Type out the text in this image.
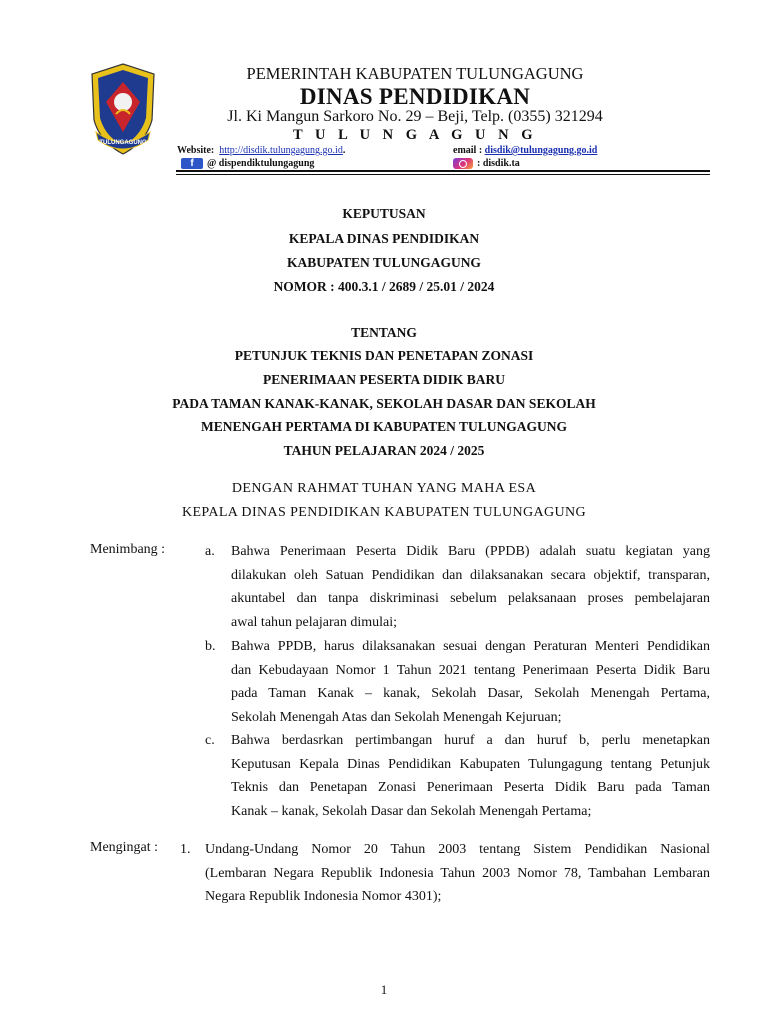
TULUNGAGUNG
PEMERINTAH KABUPATEN TULUNGAGUNG
DINAS PENDIDIKAN
Jl. Ki Mangun Sarkoro No. 29 – Beji, Telp. (0355) 321294
T U L U N G A G U N G
Website: http://disdik.tulungagung.go.id.	email : disdik@tulungagung.go.id
f	@ dispendiktulungagung	: disdik.ta
KEPUTUSAN
KEPALA DINAS PENDIDIKAN
KABUPATEN TULUNGAGUNG
NOMOR : 400.3.1 / 2689 / 25.01 / 2024
TENTANG
PETUNJUK TEKNIS DAN PENETAPAN ZONASI
PENERIMAAN PESERTA DIDIK BARU
PADA TAMAN KANAK-KANAK, SEKOLAH DASAR DAN SEKOLAH
MENENGAH PERTAMA DI KABUPATEN TULUNGAGUNG
TAHUN PELAJARAN 2024 / 2025
DENGAN RAHMAT TUHAN YANG MAHA ESA
KEPALA DINAS PENDIDIKAN KABUPATEN TULUNGAGUNG
Menimbang :	a. Bahwa Penerimaan Peserta Didik Baru (PPDB) adalah suatu kegiatan yang
dilakukan oleh Satuan Pendidikan dan dilaksanakan secara objektif, transparan,
akuntabel dan tanpa diskriminasi sebelum pelaksanaan proses pembelajaran
awal tahun pelajaran dimulai;
b. Bahwa PPDB, harus dilaksanakan sesuai dengan Peraturan Menteri Pendidikan
dan Kebudayaan Nomor 1 Tahun 2021 tentang Penerimaan Peserta Didik Baru
pada Taman Kanak – kanak, Sekolah Dasar, Sekolah Menengah Pertama,
Sekolah Menengah Atas dan Sekolah Menengah Kejuruan;
c. Bahwa berdasrkan pertimbangan huruf a dan huruf b, perlu menetapkan
Keputusan Kepala Dinas Pendidikan Kabupaten Tulungagung tentang Petunjuk
Teknis dan Penetapan Zonasi Penerimaan Peserta Didik Baru pada Taman
Kanak – kanak, Sekolah Dasar dan Sekolah Menengah Pertama;
Mengingat : 1. Undang-Undang Nomor 20 Tahun 2003 tentang Sistem Pendidikan Nasional
(Lembaran Negara Republik Indonesia Tahun 2003 Nomor 78, Tambahan Lembaran
Negara Republik Indonesia Nomor 4301);
1
